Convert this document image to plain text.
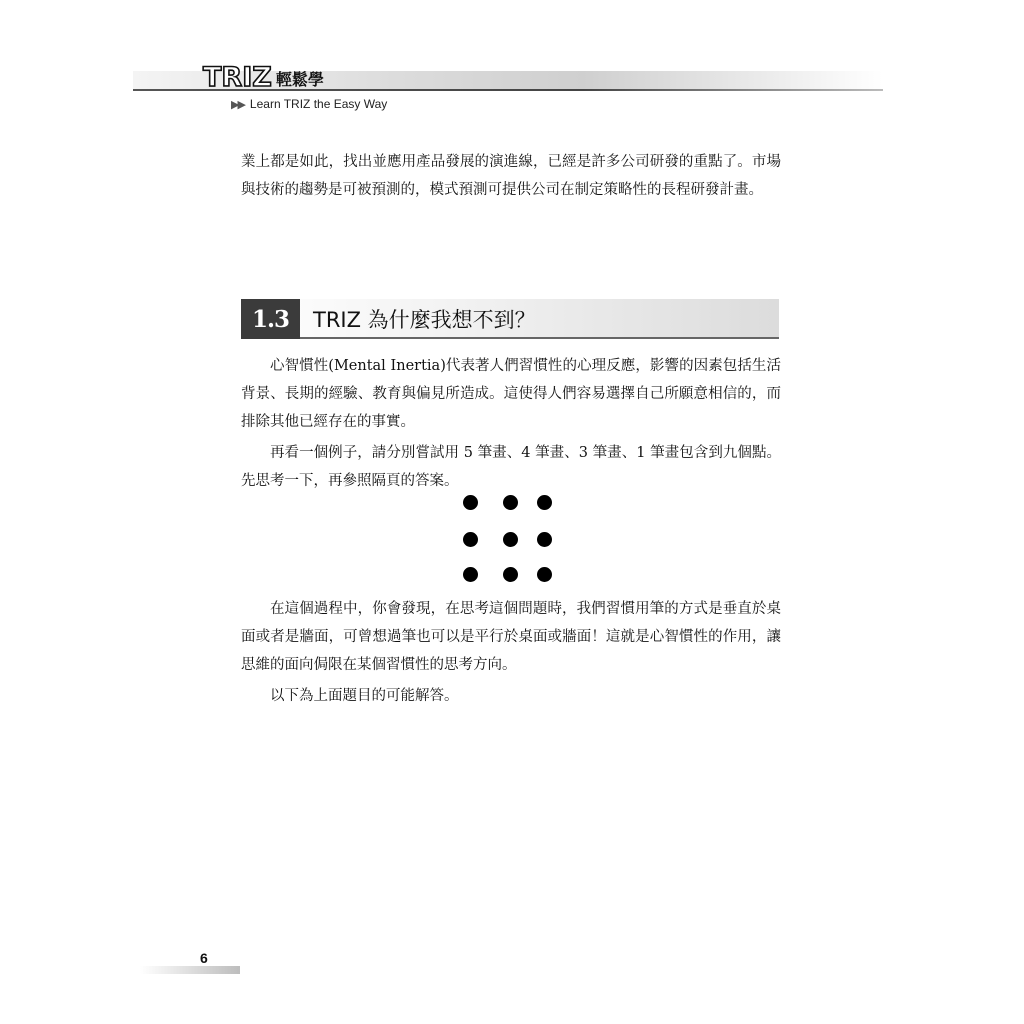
TRIZ 輕鬆學
▶▶ Learn TRIZ the Easy Way

業上都是如此，找出並應用產品發展的演進線，已經是許多公司研發的重點了。市場與技術的趨勢是可被預測的，模式預測可提供公司在制定策略性的長程研發計畫。

1.3	TRIZ 為什麼我想不到？

心智慣性(Mental Inertia)代表著人們習慣性的心理反應，影響的因素包括生活背景、長期的經驗、教育與偏見所造成。這使得人們容易選擇自己所願意相信的，而排除其他已經存在的事實。

再看一個例子，請分別嘗試用 5 筆畫、4 筆畫、3 筆畫、1 筆畫包含到九個點。先思考一下，再參照隔頁的答案。

在這個過程中，你會發現，在思考這個問題時，我們習慣用筆的方式是垂直於桌面或者是牆面，可曾想過筆也可以是平行於桌面或牆面！這就是心智慣性的作用，讓思維的面向侷限在某個習慣性的思考方向。

以下為上面題目的可能解答。

6
